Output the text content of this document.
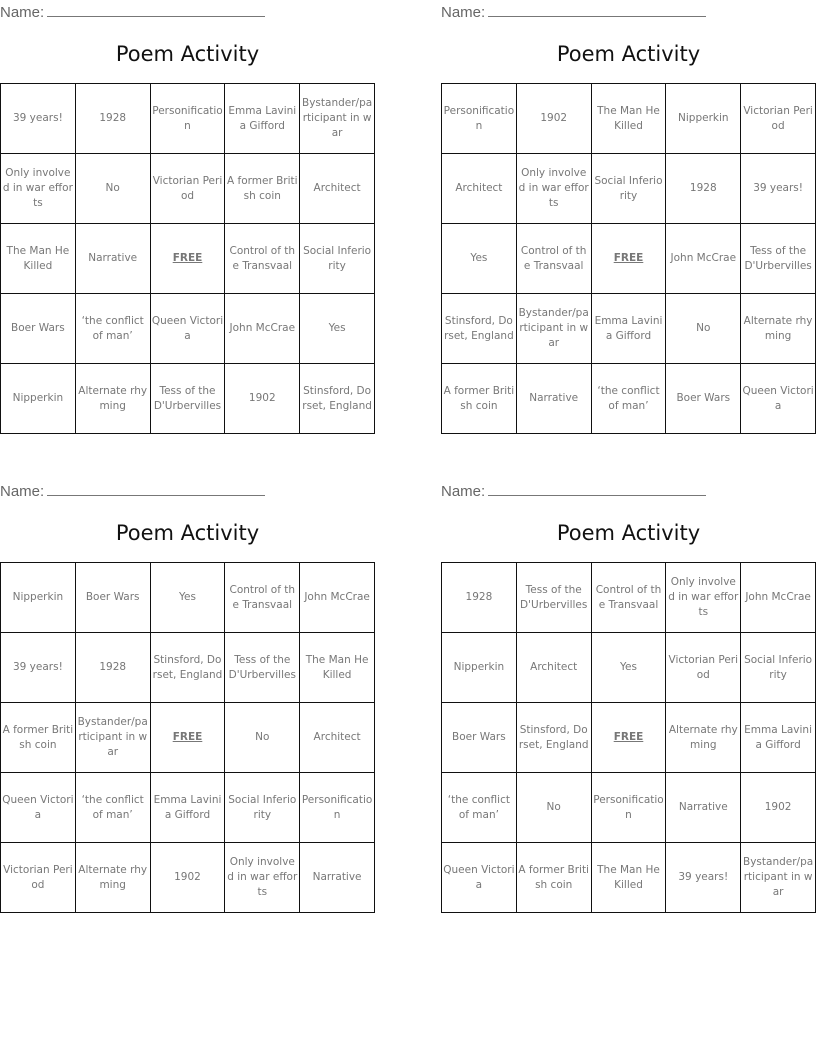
Name:
Poem Activity
39 years!	1928	Personification	Emma Lavinia Gifford	Bystander/participant in war
Only involved in war efforts	No	Victorian Period	A former British coin	Architect
The Man He Killed	Narrative	FREE	Control of the Transvaal	Social Inferiority
Boer Wars	‘the conflict of man’	Queen Victoria	John McCrae	Yes
Nipperkin	Alternate rhyming	Tess of the D'Urbervilles	1902	Stinsford, Dorset, England
Name:
Poem Activity
Personification	1902	The Man He Killed	Nipperkin	Victorian Period
Architect	Only involved in war efforts	Social Inferiority	1928	39 years!
Yes	Control of the Transvaal	FREE	John McCrae	Tess of the D'Urbervilles
Stinsford, Dorset, England	Bystander/participant in war	Emma Lavinia Gifford	No	Alternate rhyming
A former British coin	Narrative	‘the conflict of man’	Boer Wars	Queen Victoria
Name:
Poem Activity
Nipperkin	Boer Wars	Yes	Control of the Transvaal	John McCrae
39 years!	1928	Stinsford, Dorset, England	Tess of the D'Urbervilles	The Man He Killed
A former British coin	Bystander/participant in war	FREE	No	Architect
Queen Victoria	‘the conflict of man’	Emma Lavinia Gifford	Social Inferiority	Personification
Victorian Period	Alternate rhyming	1902	Only involved in war efforts	Narrative
Name:
Poem Activity
1928	Tess of the D'Urbervilles	Control of the Transvaal	Only involved in war efforts	John McCrae
Nipperkin	Architect	Yes	Victorian Period	Social Inferiority
Boer Wars	Stinsford, Dorset, England	FREE	Alternate rhyming	Emma Lavinia Gifford
‘the conflict of man’	No	Personification	Narrative	1902
Queen Victoria	A former British coin	The Man He Killed	39 years!	Bystander/participant in war
